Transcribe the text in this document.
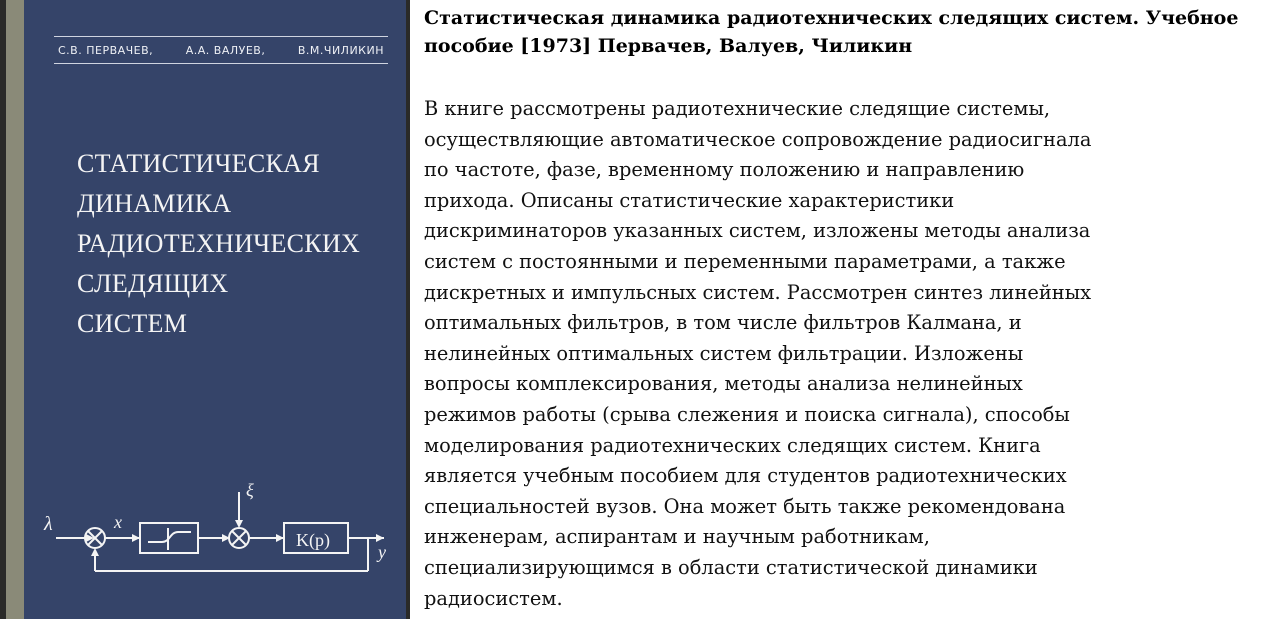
С.В. ПЕРВАЧЕВ,	А.А. ВАЛУЕВ,	В.М.ЧИЛИКИН
СТАТИСТИЧЕСКАЯ
ДИНАМИКА
РАДИОТЕХНИЧЕСКИХ
СЛЕДЯЩИХ
СИСТЕМ
λ	x
ξ
K(p)
y
Статистическая динамика радиотехнических следящих систем. Учебное пособие [1973] Первачев, Валуев, Чиликин
В книге рассмотрены радиотехнические следящие системы,
осуществляющие автоматическое сопровождение радиосигнала
по частоте, фазе, временному положению и направлению
прихода. Описаны статистические характеристики
дискриминаторов указанных систем, изложены методы анализа
систем с постоянными и переменными параметрами, а также
дискретных и импульсных систем. Рассмотрен синтез линейных
оптимальных фильтров, в том числе фильтров Калмана, и
нелинейных оптимальных систем фильтрации. Изложены
вопросы комплексирования, методы анализа нелинейных
режимов работы (срыва слежения и поиска сигнала), способы
моделирования радиотехнических следящих систем. Книга
является учебным пособием для студентов радиотехнических
специальностей вузов. Она может быть также рекомендована
инженерам, аспирантам и научным работникам,
специализирующимся в области статистической динамики
радиосистем.
